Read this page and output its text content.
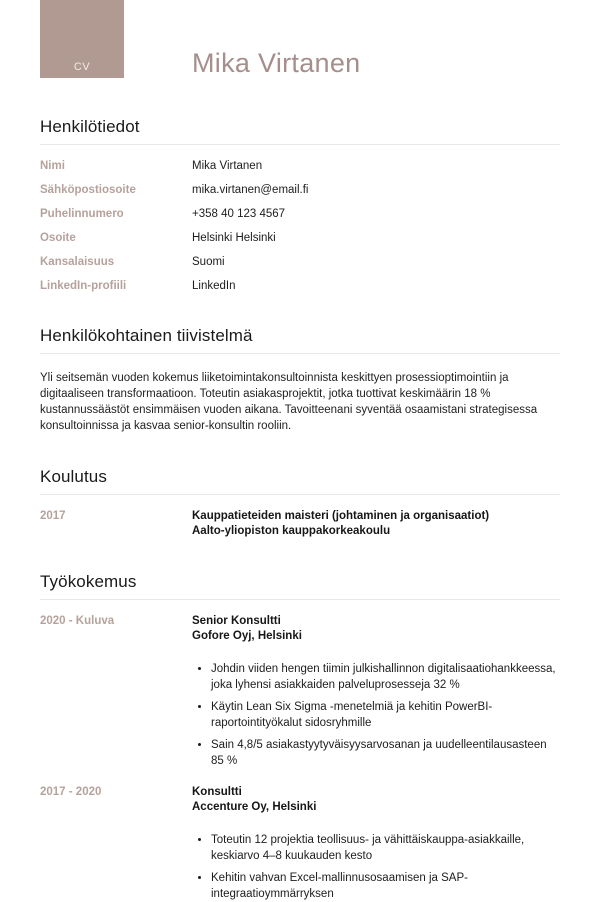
CV	Mika Virtanen
Henkilötiedot
Nimi	Mika Virtanen
Sähköpostiosoite	mika.virtanen@email.fi
Puhelinnumero	+358 40 123 4567
Osoite	Helsinki Helsinki
Kansalaisuus	Suomi
LinkedIn-profiili	LinkedIn
Henkilökohtainen tiivistelmä

Yli seitsemän vuoden kokemus liiketoimintakonsultoinnista keskittyen prosessioptimointiin ja digitaaliseen transformaatioon. Toteutin asiakasprojektit, jotka tuottivat keskimäärin 18 % kustannussäästöt ensimmäisen vuoden aikana. Tavoitteenani syventää osaamistani strategisessa konsultoinnissa ja kasvaa senior-konsultin rooliin.

Koulutus
2017	Kauppatieteiden maisteri (johtaminen ja organisaatiot)
Aalto-yliopiston kauppakorkeakoulu
Työkokemus
2020 - Kuluva	Senior Konsultti
Gofore Oyj, Helsinki
• Johdin viiden hengen tiimin julkishallinnon digitalisaatiohankkeessa, joka lyhensi asiakkaiden palveluprosesseja 32 %
• Käytin Lean Six Sigma -menetelmiä ja kehitin PowerBI-raportointityökalut sidosryhmille
• Sain 4,8/5 asiakastyytyväisyysarvosanan ja uudelleentilausasteen 85 %
2017 - 2020	Konsultti
Accenture Oy, Helsinki
• Toteutin 12 projektia teollisuus- ja vähittäiskauppa-asiakkaille, keskiarvo 4–8 kuukauden kesto
• Kehitin vahvan Excel-mallinnusosaamisen ja SAP-integraatioymmärryksen
